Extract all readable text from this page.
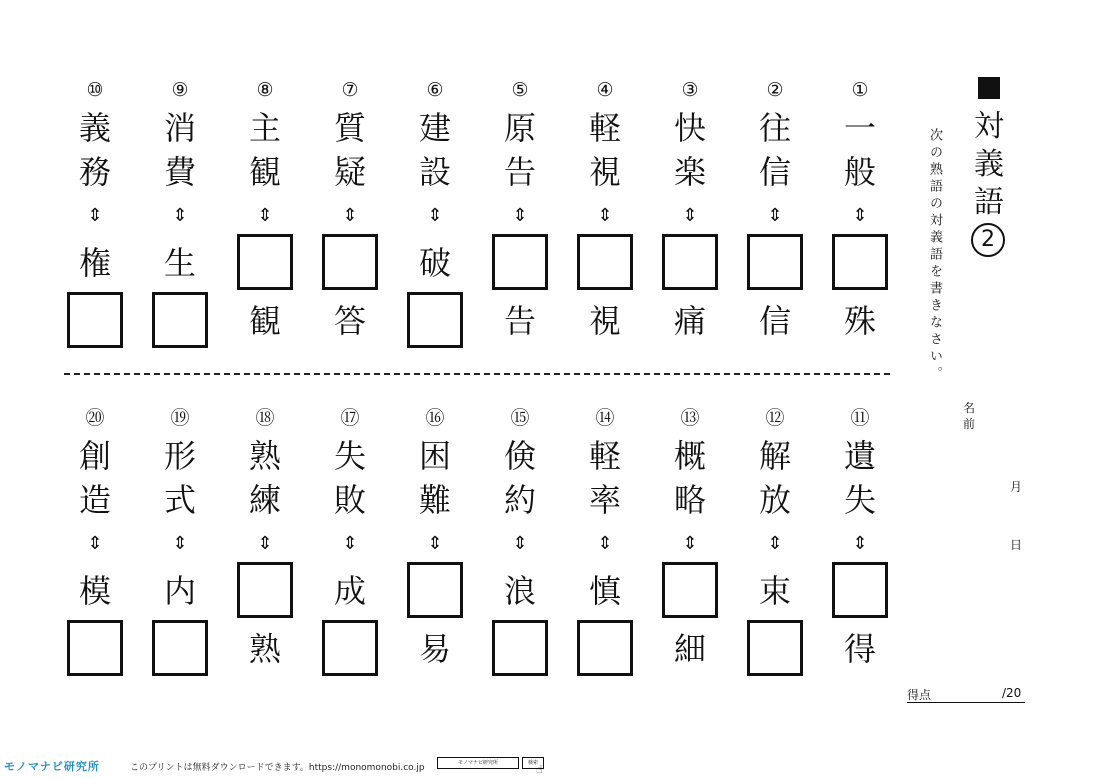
対
義
語
2
次の熟語の対義語を書きなさい。
名前
月
日
⑩
義
務
⇕
権
⑨
消
費
⇕
生
⑧
主
観
⇕
観
⑦
質
疑
⇕
答
⑥
建
設
⇕
破
⑤
原
告
⇕
告
④
軽
視
⇕
視
③
快
楽
⇕
痛
②
往
信
⇕
信
①
一
般
⇕
殊
⑳
創
造
⇕
模
⑲
形
式
⇕
内
⑱
熟
練
⇕
熟
⑰
失
敗
⇕
成
⑯
困
難
⇕
易
⑮
倹
約
⇕
浪
⑭
軽
率
⇕
慎
⑬
概
略
⇕
細
⑫
解
放
⇕
束
⑪
遺
失
⇕
得
得点	/20
モノマナビ研究所	このプリントは無料ダウンロードできます。https://monomonobi.co.jp	モノマナビ研究所	検索
☝
